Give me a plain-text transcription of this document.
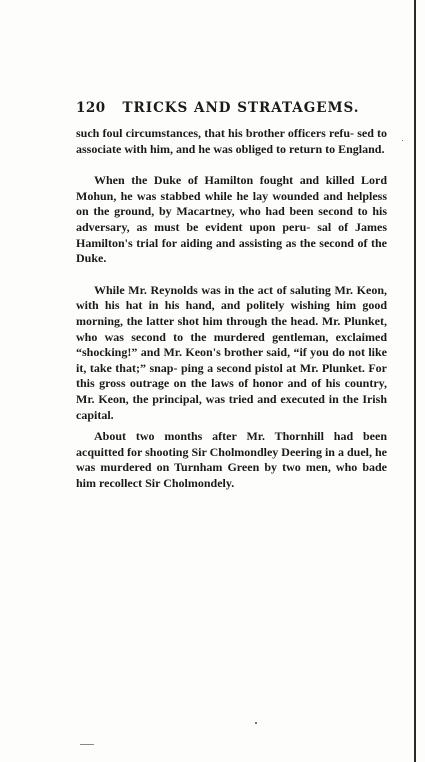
120 TRICKS AND STRATAGEMS.

such foul circumstances, that his brother officers refu- sed to associate with him, and he was obliged to return to England.

When the Duke of Hamilton fought and killed Lord Mohun, he was stabbed while he lay wounded and helpless on the ground, by Macartney, who had been second to his adversary, as must be evident upon peru- sal of James Hamilton's trial for aiding and assisting as the second of the Duke.

While Mr. Reynolds was in the act of saluting Mr. Keon, with his hat in his hand, and politely wishing him good morning, the latter shot him through the head. Mr. Plunket, who was second to the murdered gentleman, exclaimed “shocking!” and Mr. Keon's brother said, “if you do not like it, take that;” snap- ping a second pistol at Mr. Plunket. For this gross outrage on the laws of honor and of his country, Mr. Keon, the principal, was tried and executed in the Irish capital.

About two months after Mr. Thornhill had been acquitted for shooting Sir Cholmondley Deering in a duel, he was murdered on Turnham Green by two men, who bade him recollect Sir Cholmondely.
